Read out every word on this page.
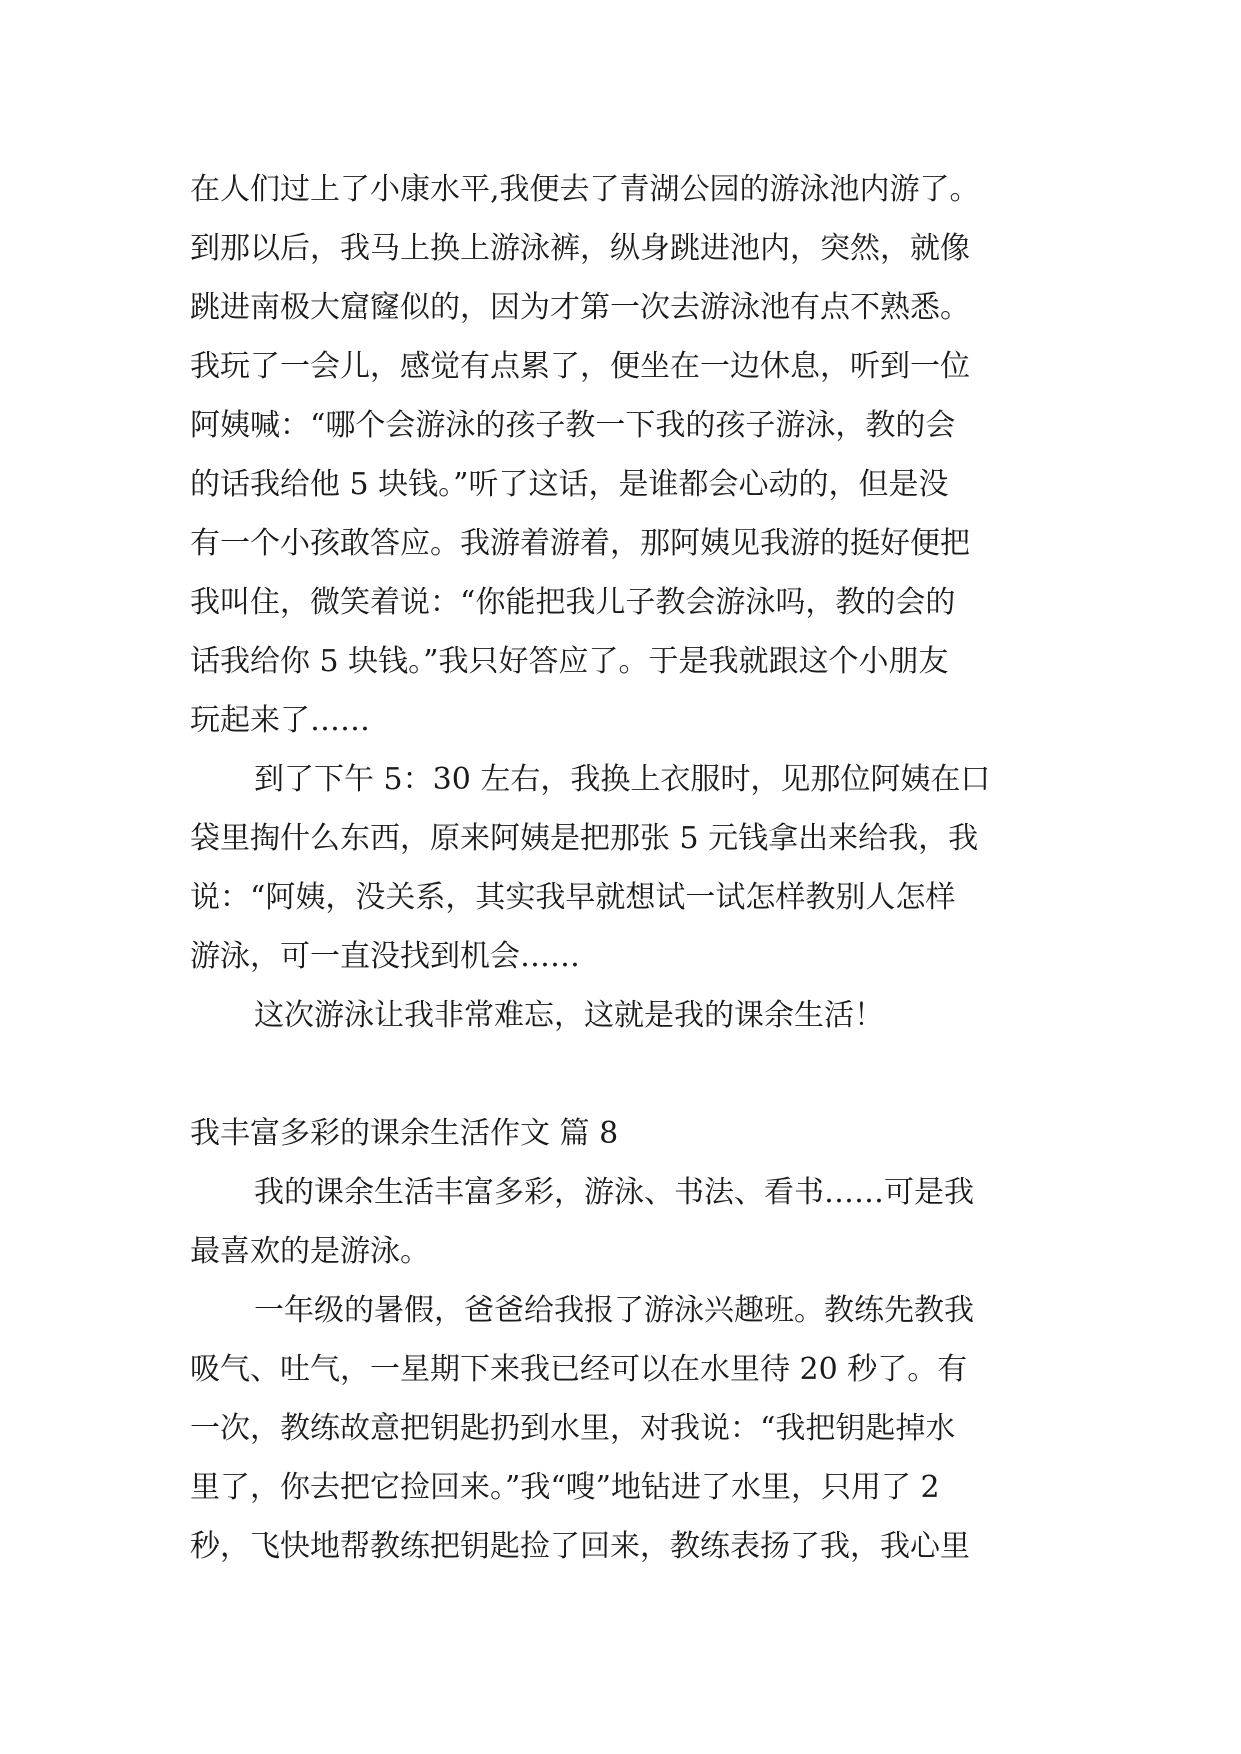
在人们过上了小康水平,我便去了青湖公园的游泳池内游了。
到那以后，我马上换上游泳裤，纵身跳进池内，突然，就像
跳进南极大窟窿似的，因为才第一次去游泳池有点不熟悉。
我玩了一会儿，感觉有点累了，便坐在一边休息，听到一位
阿姨喊：“哪个会游泳的孩子教一下我的孩子游泳，教的会
的话我给他 5 块钱。”听了这话，是谁都会心动的，但是没
有一个小孩敢答应。我游着游着，那阿姨见我游的挺好便把
我叫住，微笑着说：“你能把我儿子教会游泳吗，教的会的
话我给你 5 块钱。”我只好答应了。于是我就跟这个小朋友
玩起来了……
到了下午 5：30 左右，我换上衣服时，见那位阿姨在口
袋里掏什么东西，原来阿姨是把那张 5 元钱拿出来给我，我
说：“阿姨，没关系，其实我早就想试一试怎样教别人怎样
游泳，可一直没找到机会……
这次游泳让我非常难忘，这就是我的课余生活！
我丰富多彩的课余生活作文 篇 8
我的课余生活丰富多彩，游泳、书法、看书……可是我
最喜欢的是游泳。
一年级的暑假，爸爸给我报了游泳兴趣班。教练先教我
吸气、吐气，一星期下来我已经可以在水里待 20 秒了。有
一次，教练故意把钥匙扔到水里，对我说：“我把钥匙掉水
里了，你去把它捡回来。”我“嗖”地钻进了水里，只用了 2
秒，飞快地帮教练把钥匙捡了回来，教练表扬了我，我心里
